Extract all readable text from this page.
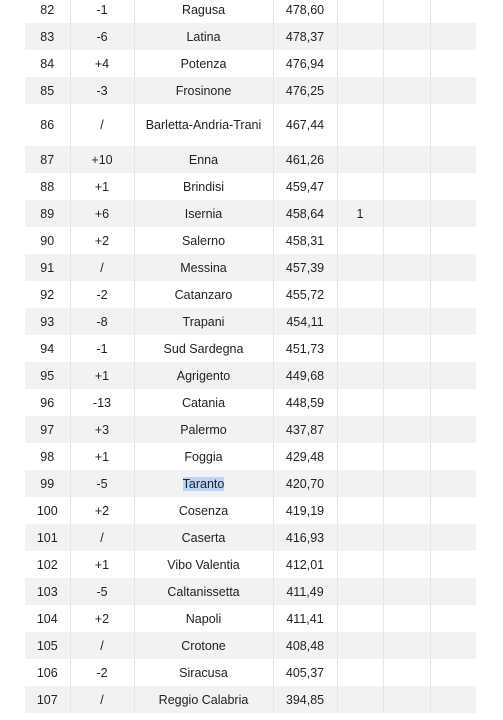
82	-1	Ragusa	478,60			
83	-6	Latina	478,37			
84	+4	Potenza	476,94			
85	-3	Frosinone	476,25			
86	/	Barletta-Andria-Trani	467,44			
87	+10	Enna	461,26			
88	+1	Brindisi	459,47			
89	+6	Isernia	458,64	1		
90	+2	Salerno	458,31			
91	/	Messina	457,39			
92	-2	Catanzaro	455,72			
93	-8	Trapani	454,11			
94	-1	Sud Sardegna	451,73			
95	+1	Agrigento	449,68			
96	-13	Catania	448,59			
97	+3	Palermo	437,87			
98	+1	Foggia	429,48			
99	-5	Taranto	420,70			
100	+2	Cosenza	419,19			
101	/	Caserta	416,93			
102	+1	Vibo Valentia	412,01			
103	-5	Caltanissetta	411,49			
104	+2	Napoli	411,41			
105	/	Crotone	408,48			
106	-2	Siracusa	405,37			
107	/	Reggio Calabria	394,85			
